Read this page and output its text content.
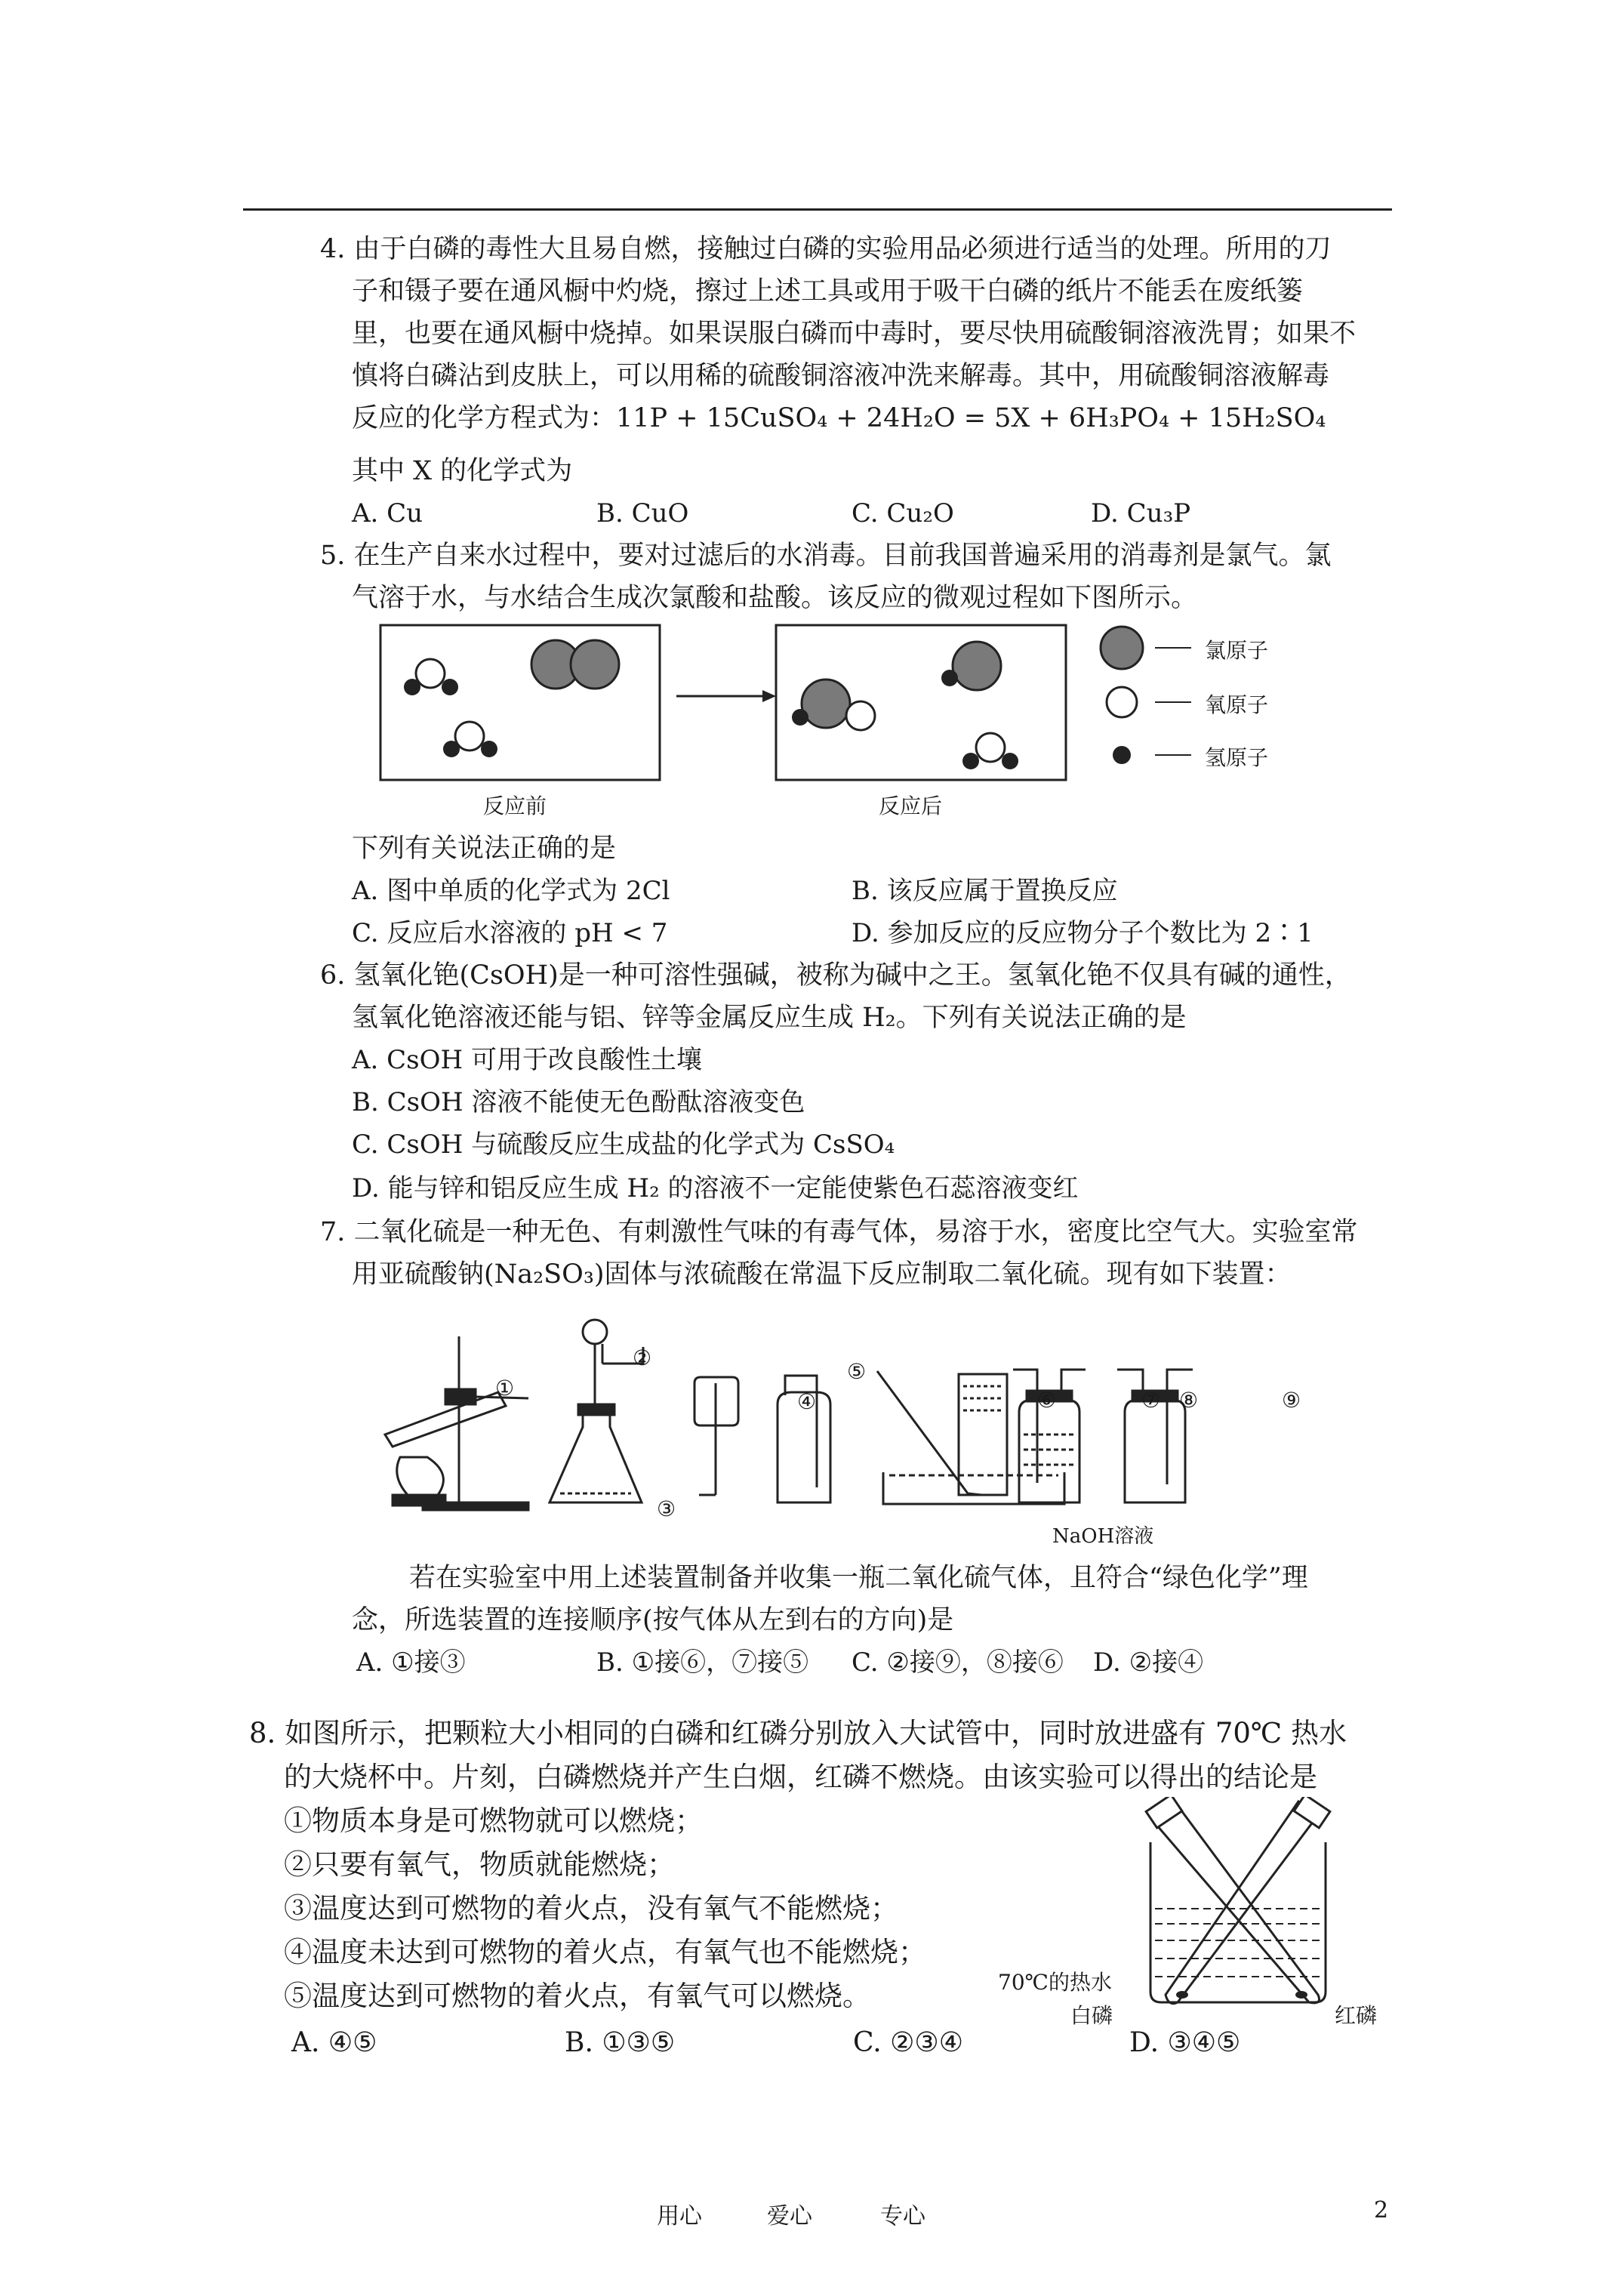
4. 由于白磷的毒性大且易自燃，接触过白磷的实验用品必须进行适当的处理。所用的刀
子和镊子要在通风橱中灼烧，擦过上述工具或用于吸干白磷的纸片不能丢在废纸篓
里，也要在通风橱中烧掉。如果误服白磷而中毒时，要尽快用硫酸铜溶液洗胃；如果不
慎将白磷沾到皮肤上，可以用稀的硫酸铜溶液冲洗来解毒。其中，用硫酸铜溶液解毒
反应的化学方程式为：11P + 15CuSO₄ + 24H₂O = 5X + 6H₃PO₄ + 15H₂SO₄
其中 X 的化学式为
A. Cu	B. CuO	C. Cu₂O	D. Cu₃P
5. 在生产自来水过程中，要对过滤后的水消毒。目前我国普遍采用的消毒剂是氯气。氯
气溶于水，与水结合生成次氯酸和盐酸。该反应的微观过程如下图所示。
氯原子
氧原子
氢原子
反应前	反应后
下列有关说法正确的是
A. 图中单质的化学式为 2Cl	B. 该反应属于置换反应
C. 反应后水溶液的 pH < 7	D. 参加反应的反应物分子个数比为 2∶1
6. 氢氧化铯(CsOH)是一种可溶性强碱，被称为碱中之王。氢氧化铯不仅具有碱的通性，
氢氧化铯溶液还能与铝、锌等金属反应生成 H₂。下列有关说法正确的是
A. CsOH 可用于改良酸性土壤
B. CsOH 溶液不能使无色酚酞溶液变色
C. CsOH 与硫酸反应生成盐的化学式为 CsSO₄
D. 能与锌和铝反应生成 H₂ 的溶液不一定能使紫色石蕊溶液变红
7. 二氧化硫是一种无色、有刺激性气味的有毒气体，易溶于水，密度比空气大。实验室常
用亚硫酸钠(Na₂SO₃)固体与浓硫酸在常温下反应制取二氧化硫。现有如下装置：
①
②
③
④
⑤
⑥	⑦ ⑧	⑨
NaOH溶液
若在实验室中用上述装置制备并收集一瓶二氧化硫气体，且符合“绿色化学”理
念，所选装置的连接顺序(按气体从左到右的方向)是
A. ①接③	B. ①接⑥，⑦接⑤ C. ②接⑨，⑧接⑥ D. ②接④
8. 如图所示，把颗粒大小相同的白磷和红磷分别放入大试管中，同时放进盛有 70℃ 热水
的大烧杯中。片刻，白磷燃烧并产生白烟，红磷不燃烧。由该实验可以得出的结论是
①物质本身是可燃物就可以燃烧；
②只要有氧气，物质就能燃烧；
③温度达到可燃物的着火点，没有氧气不能燃烧；
④温度未达到可燃物的着火点，有氧气也不能燃烧；
⑤温度达到可燃物的着火点，有氧气可以燃烧。	70℃的热水
白磷	红磷
A. ④⑤	B. ①③⑤	C. ②③④	D. ③④⑤
用心	爱心	专心	2
